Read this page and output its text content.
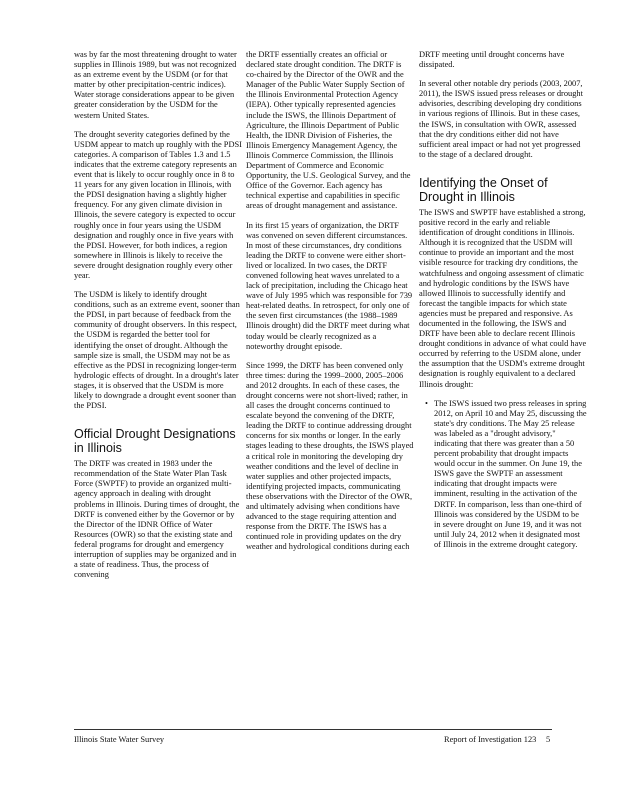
was by far the most threatening drought to water supplies in Illinois 1989, but was not recognized as an extreme event by the USDM (or for that matter by other precipitation-centric indices). Water storage considerations appear to be given greater consideration by the USDM for the western United States.

The drought severity categories defined by the USDM appear to match up roughly with the PDSI categories. A comparison of Tables 1.3 and 1.5 indicates that the extreme category represents an event that is likely to occur roughly once in 8 to 11 years for any given location in Illinois, with the PDSI designation having a slightly higher frequency. For any given climate division in Illinois, the severe category is expected to occur roughly once in four years using the USDM designation and roughly once in five years with the PDSI. However, for both indices, a region somewhere in Illinois is likely to receive the severe drought designation roughly every other year.

The USDM is likely to identify drought conditions, such as an extreme event, sooner than the PDSI, in part because of feedback from the community of drought observers. In this respect, the USDM is regarded the better tool for identifying the onset of drought. Although the sample size is small, the USDM may not be as effective as the PDSI in recognizing longer-term hydrologic effects of drought. In a drought's later stages, it is observed that the USDM is more likely to downgrade a drought event sooner than the PDSI.

Official Drought Designations in Illinois

The DRTF was created in 1983 under the recommendation of the State Water Plan Task Force (SWPTF) to provide an organized multi-agency approach in dealing with drought problems in Illinois. During times of drought, the DRTF is convened either by the Governor or by the Director of the IDNR Office of Water Resources (OWR) so that the existing state and federal programs for drought and emergency interruption of supplies may be organized and in a state of readiness. Thus, the process of convening

the DRTF essentially creates an official or declared state drought condition. The DRTF is co-chaired by the Director of the OWR and the Manager of the Public Water Supply Section of the Illinois Environmental Protection Agency (IEPA). Other typically represented agencies include the ISWS, the Illinois Department of Agriculture, the Illinois Department of Public Health, the IDNR Division of Fisheries, the Illinois Emergency Management Agency, the Illinois Commerce Commission, the Illinois Department of Commerce and Economic Opportunity, the U.S. Geological Survey, and the Office of the Governor. Each agency has technical expertise and capabilities in specific areas of drought management and assistance.

In its first 15 years of organization, the DRTF was convened on seven different circumstances. In most of these circumstances, dry conditions leading the DRTF to convene were either short-lived or localized. In two cases, the DRTF convened following heat waves unrelated to a lack of precipitation, including the Chicago heat wave of July 1995 which was responsible for 739 heat-related deaths. In retrospect, for only one of the seven first circumstances (the 1988–1989 Illinois drought) did the DRTF meet during what today would be clearly recognized as a noteworthy drought episode.

Since 1999, the DRTF has been convened only three times: during the 1999–2000, 2005–2006 and 2012 droughts. In each of these cases, the drought concerns were not short-lived; rather, in all cases the drought concerns continued to escalate beyond the convening of the DRTF, leading the DRTF to continue addressing drought concerns for six months or longer. In the early stages leading to these droughts, the ISWS played a critical role in monitoring the developing dry weather conditions and the level of decline in water supplies and other projected impacts, identifying projected impacts, communicating these observations with the Director of the OWR, and ultimately advising when conditions have advanced to the stage requiring attention and response from the DRTF. The ISWS has a continued role in providing updates on the dry weather and hydrological conditions during each

DRTF meeting until drought concerns have dissipated.

In several other notable dry periods (2003, 2007, 2011), the ISWS issued press releases or drought advisories, describing developing dry conditions in various regions of Illinois. But in these cases, the ISWS, in consultation with OWR, assessed that the dry conditions either did not have sufficient areal impact or had not yet progressed to the stage of a declared drought.

Identifying the Onset of Drought in Illinois

The ISWS and SWPTF have established a strong, positive record in the early and reliable identification of drought conditions in Illinois. Although it is recognized that the USDM will continue to provide an important and the most visible resource for tracking dry conditions, the watchfulness and ongoing assessment of climatic and hydrologic conditions by the ISWS have allowed Illinois to successfully identify and forecast the tangible impacts for which state agencies must be prepared and responsive. As documented in the following, the ISWS and DRTF have been able to declare recent Illinois drought conditions in advance of what could have occurred by referring to the USDM alone, under the assumption that the USDM's extreme drought designation is roughly equivalent to a declared Illinois drought:

• The ISWS issued two press releases in spring 2012, on April 10 and May 25, discussing the state's dry conditions. The May 25 release was labeled as a "drought advisory," indicating that there was greater than a 50 percent probability that drought impacts would occur in the summer. On June 19, the ISWS gave the SWPTF an assessment indicating that drought impacts were imminent, resulting in the activation of the DRTF. In comparison, less than one-third of Illinois was considered by the USDM to be in severe drought on June 19, and it was not until July 24, 2012 when it designated most of Illinois in the extreme drought category.
Illinois State Water Survey	Report of Investigation 123 5
